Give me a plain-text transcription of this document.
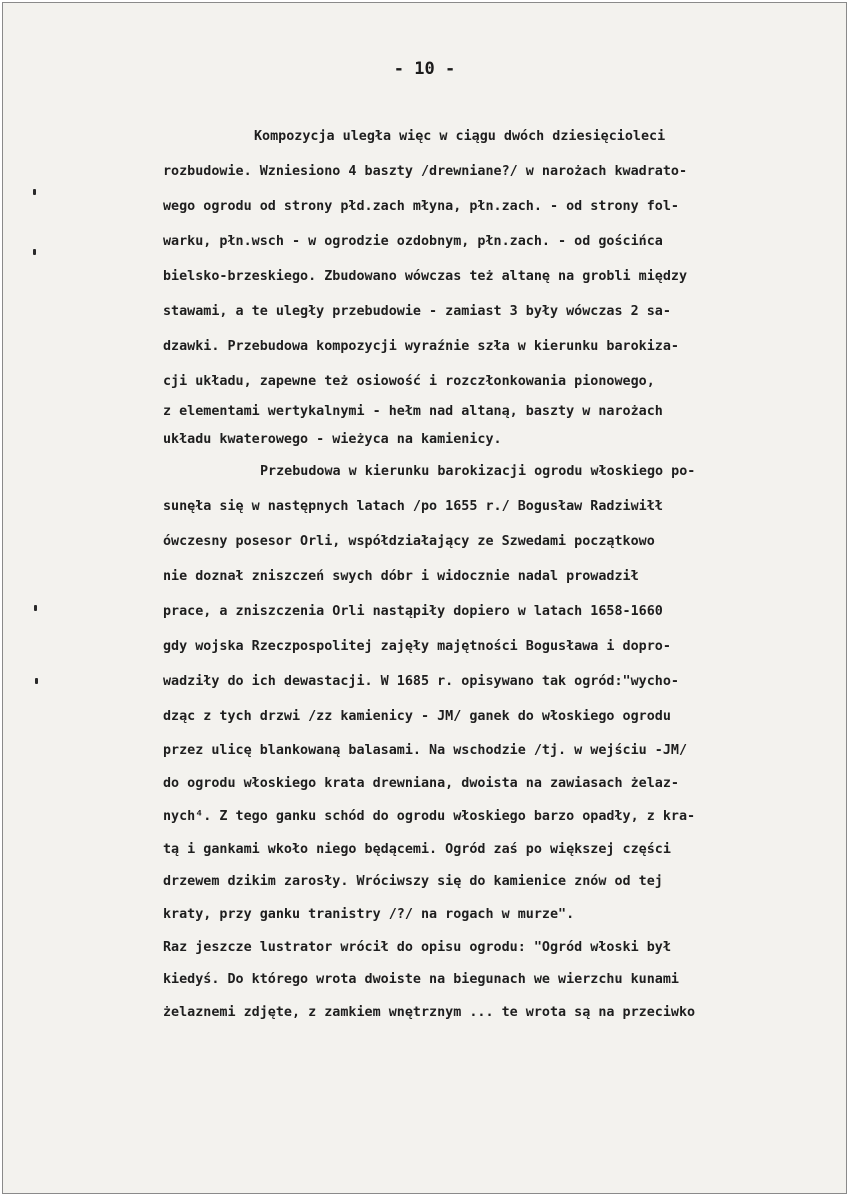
- 10 -
Kompozycja uległa więc w ciągu dwóch dziesięcioleci
rozbudowie. Wzniesiono 4 baszty /drewniane?/ w narożach kwadrato-
wego ogrodu od strony płd.zach młyna, płn.zach. - od strony fol-
warku, płn.wsch - w ogrodzie ozdobnym, płn.zach. - od gościńca
bielsko-brzeskiego. Zbudowano wówczas też altanę na grobli między
stawami, a te uległy przebudowie - zamiast 3 były wówczas 2 sa-
dzawki. Przebudowa kompozycji wyraźnie szła w kierunku barokiza-
cji układu, zapewne też osiowość i rozczłonkowania pionowego,
z elementami wertykalnymi - hełm nad altaną, baszty w narożach
układu kwaterowego - wieżyca na kamienicy.
Przebudowa w kierunku barokizacji ogrodu włoskiego po-
sunęła się w następnych latach /po 1655 r./ Bogusław Radziwiłł
ówczesny posesor Orli, współdziałający ze Szwedami początkowo
nie doznał zniszczeń swych dóbr i widocznie nadal prowadził
prace, a zniszczenia Orli nastąpiły dopiero w latach 1658-1660
gdy wojska Rzeczpospolitej zajęły majętności Bogusława i dopro-
wadziły do ich dewastacji. W 1685 r. opisywano tak ogród:"wycho-
dząc z tych drzwi /zz kamienicy - JM/ ganek do włoskiego ogrodu
przez ulicę blankowaną balasami. Na wschodzie /tj. w wejściu -JM/
do ogrodu włoskiego krata drewniana, dwoista na zawiasach żelaz-
nych⁴. Z tego ganku schód do ogrodu włoskiego barzo opadły, z kra-
tą i gankami wkoło niego będącemi. Ogród zaś po większej części
drzewem dzikim zarosły. Wróciwszy się do kamienice znów od tej
kraty, przy ganku tranistry /?/ na rogach w murze".
Raz jeszcze lustrator wrócił do opisu ogrodu: "Ogród włoski był
kiedyś. Do którego wrota dwoiste na biegunach we wierzchu kunami
żelaznemi zdjęte, z zamkiem wnętrznym ... te wrota są na przeciwko
